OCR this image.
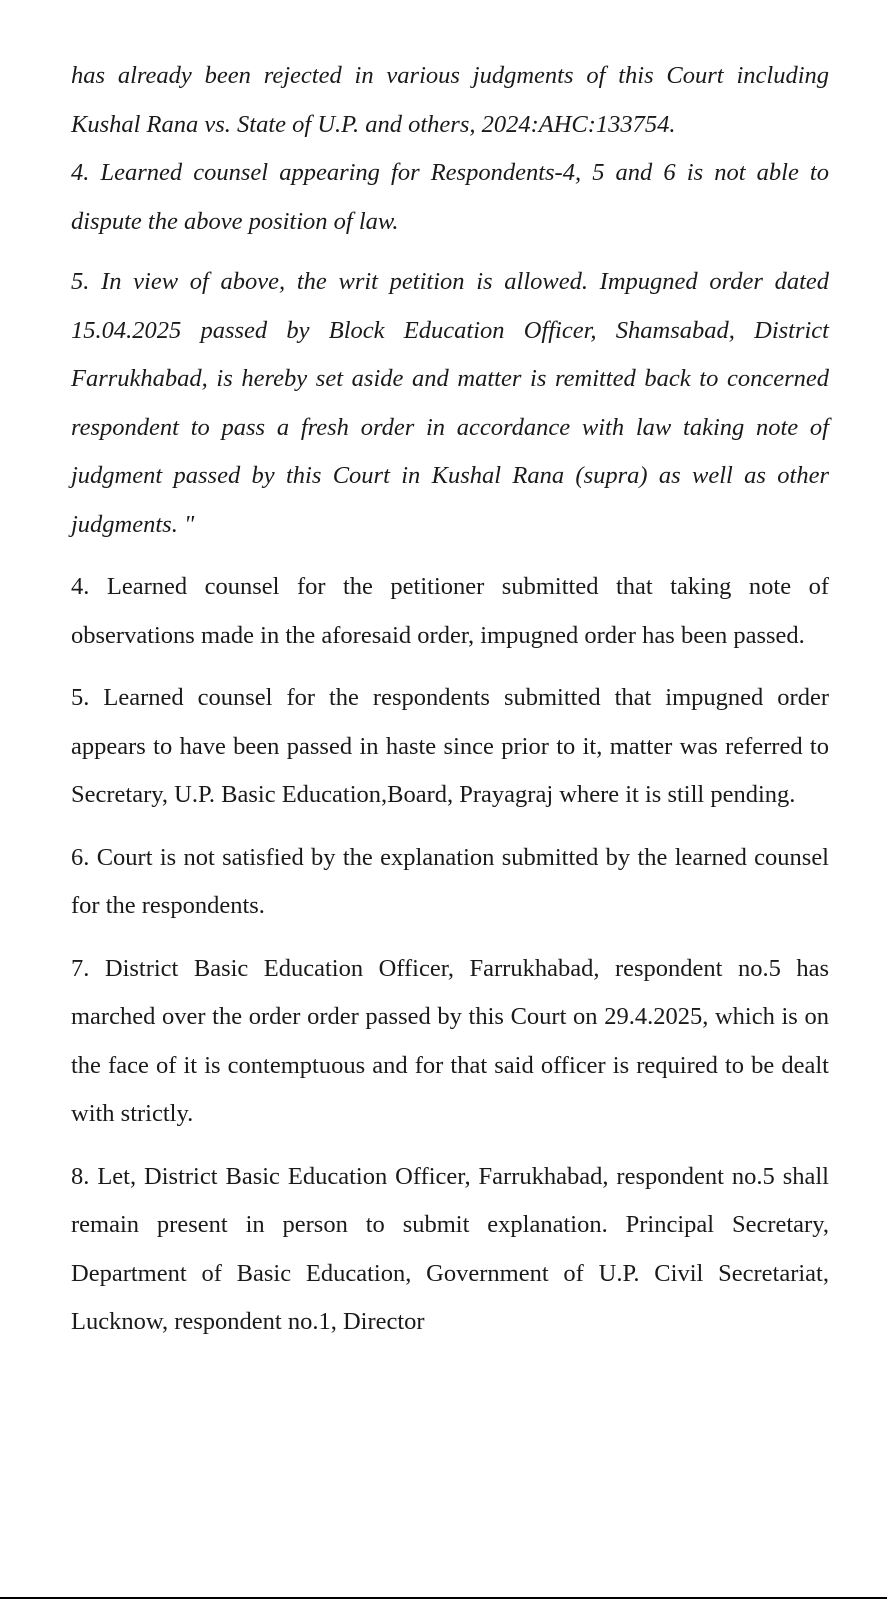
has already been rejected in various judgments of this Court including Kushal Rana vs. State of U.P. and others, 2024:AHC:133754.

4. Learned counsel appearing for Respondents-4, 5 and 6 is not able to dispute the above position of law.

5. In view of above, the writ petition is allowed. Impugned order dated 15.04.2025 passed by Block Education Officer, Shamsabad, District Farrukhabad, is hereby set aside and matter is remitted back to concerned respondent to pass a fresh order in accordance with law taking note of judgment passed by this Court in Kushal Rana (supra) as well as other judgments. "

4. Learned counsel for the petitioner submitted that taking note of observations made in the aforesaid order, impugned order has been passed.

5. Learned counsel for the respondents submitted that impugned order appears to have been passed in haste since prior to it, matter was referred to Secretary, U.P. Basic Education,Board, Prayagraj where it is still pending.

6. Court is not satisfied by the explanation submitted by the learned counsel for the respondents.

7. District Basic Education Officer, Farrukhabad, respondent no.5 has marched over the order order passed by this Court on 29.4.2025, which is on the face of it is contemptuous and for that said officer is required to be dealt with strictly.

8. Let, District Basic Education Officer, Farrukhabad, respondent no.5 shall remain present in person to submit explanation. Principal Secretary, Department of Basic Education, Government of U.P. Civil Secretariat, Lucknow, respondent no.1, Director
